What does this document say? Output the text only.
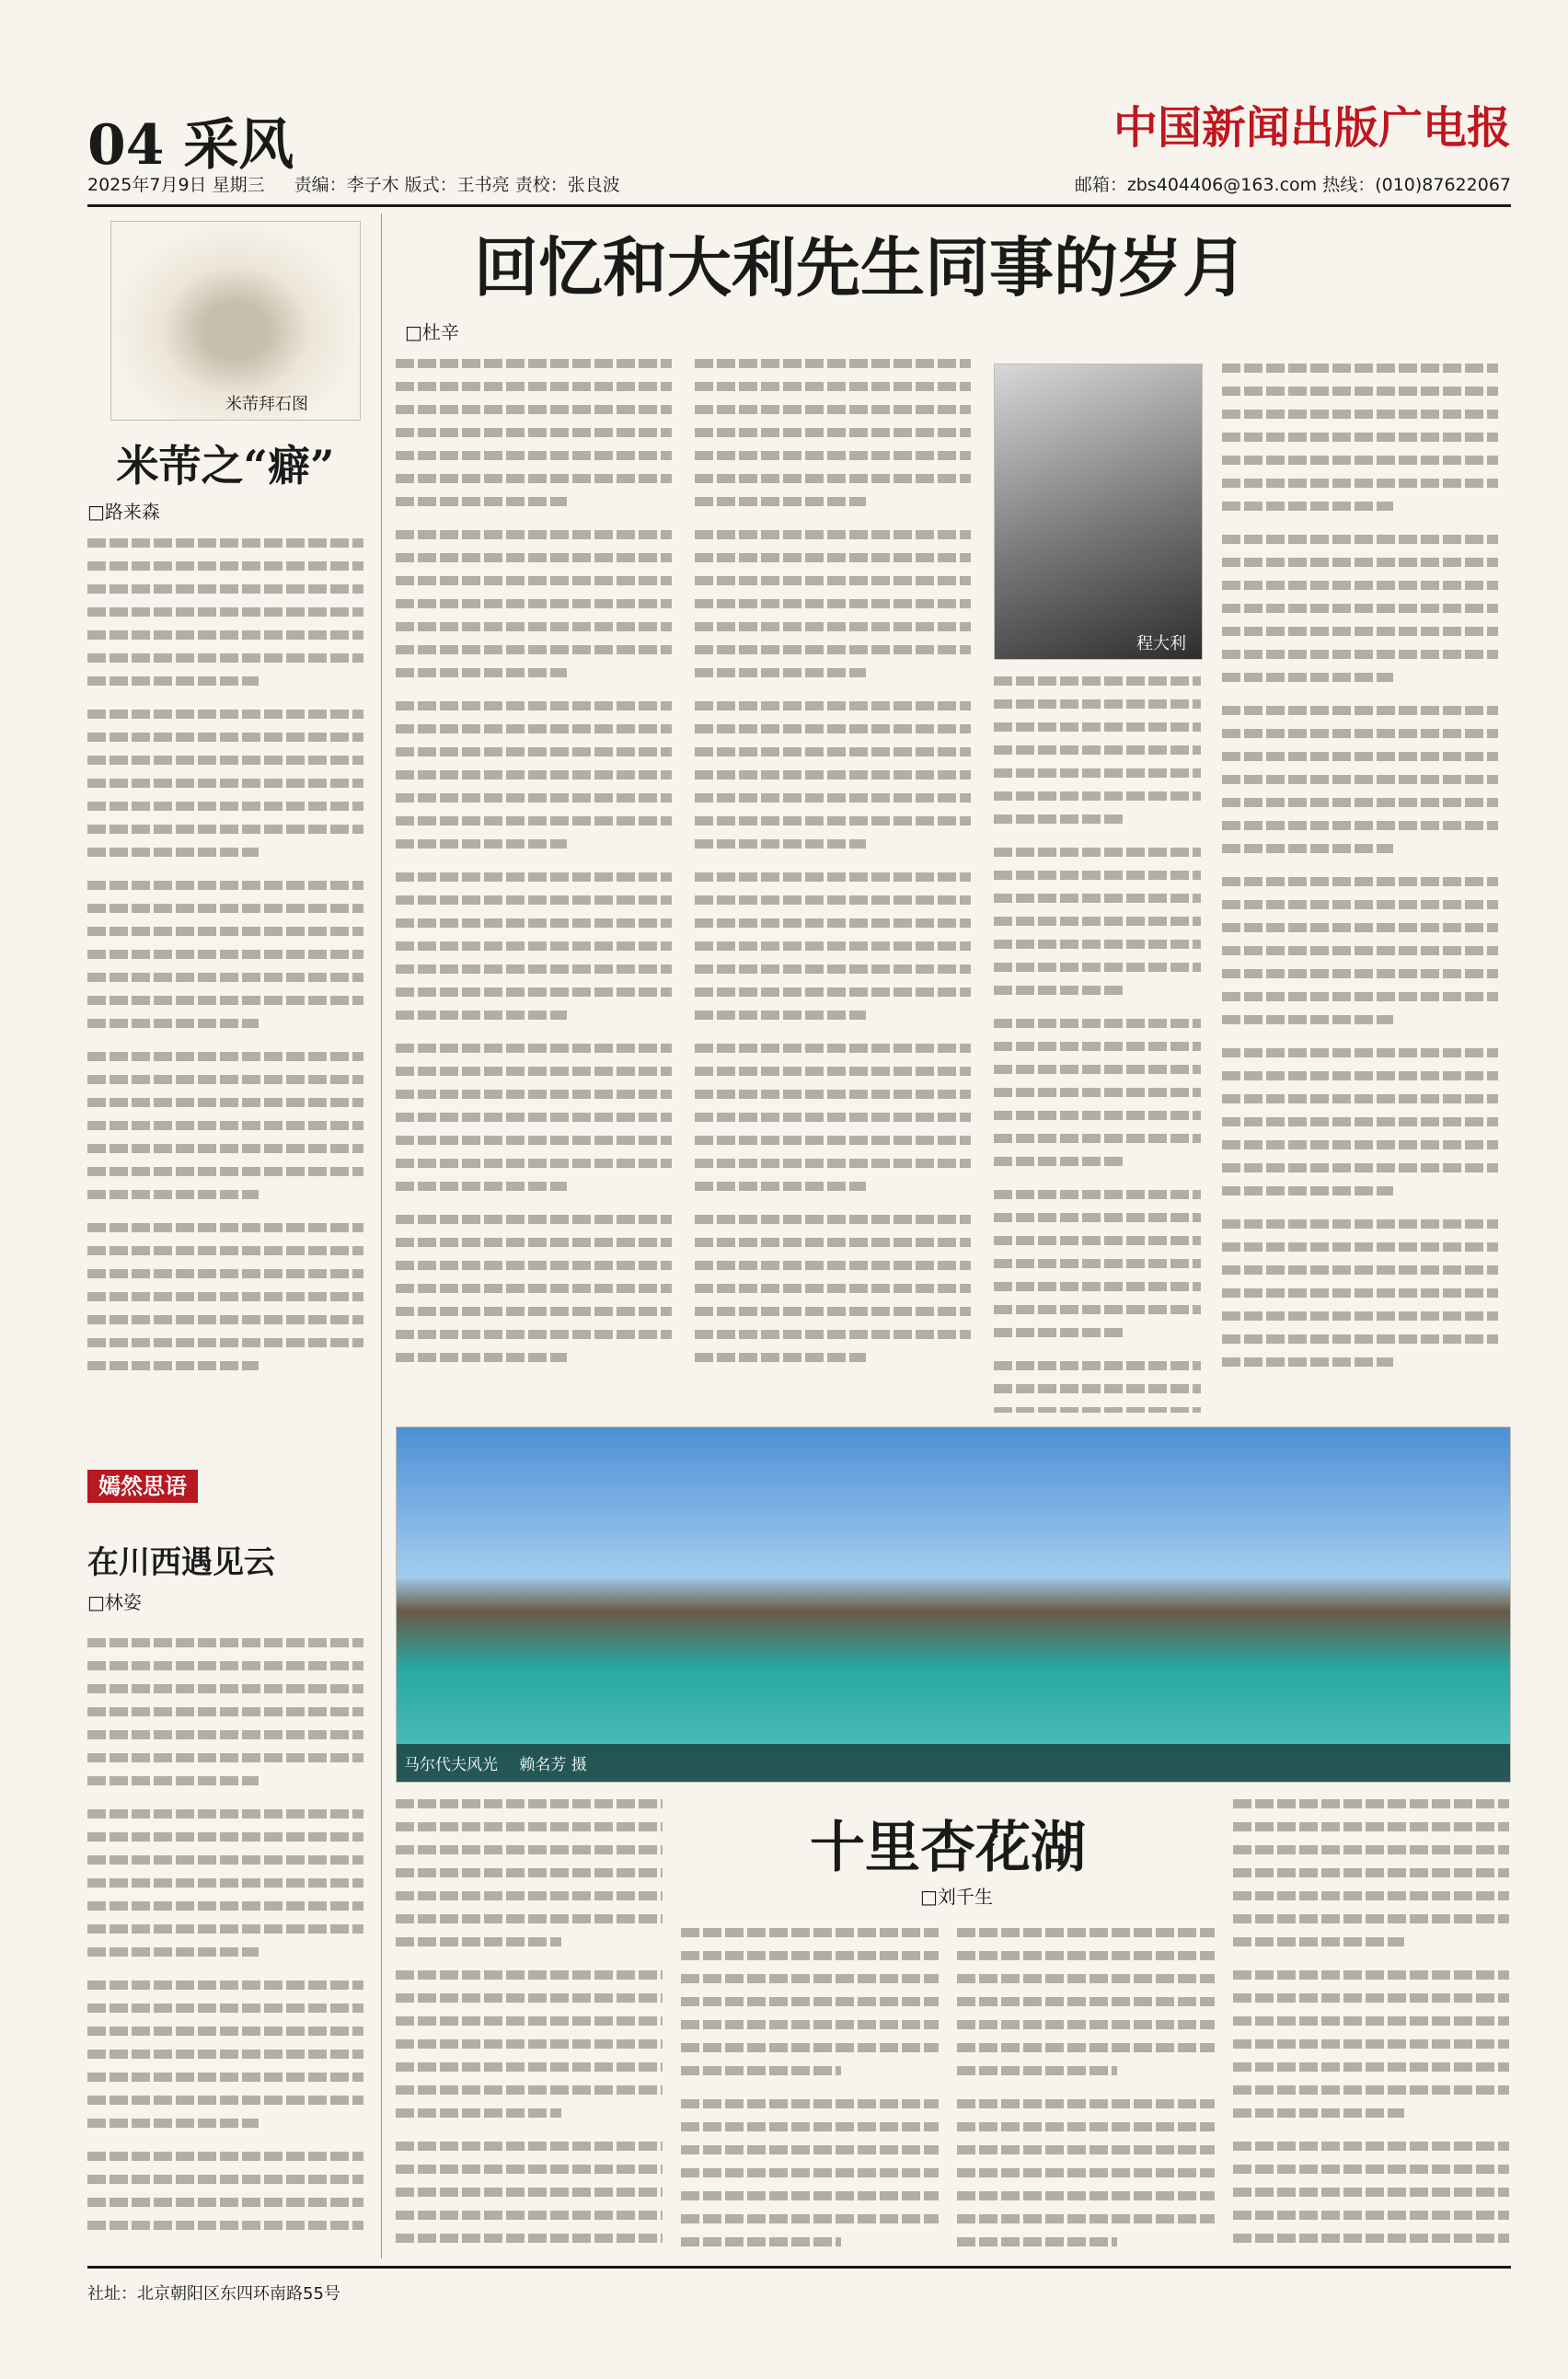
04 采风	中国新闻出版广电报
2025年7月9日 星期三 责编：李子木 版式：王书亮 责校：张良波	邮箱：zbs404406@163.com 热线：(010)87622067
米芾拜石图
米芾之“癖”
□路来森
嫣然思语
在川西遇见云
□林姿
回忆和大利先生同事的岁月
□杜辛
程大利
马尔代夫风光 赖名芳 摄
十里杏花湖
□刘千生
社址：北京朝阳区东四环南路55号
